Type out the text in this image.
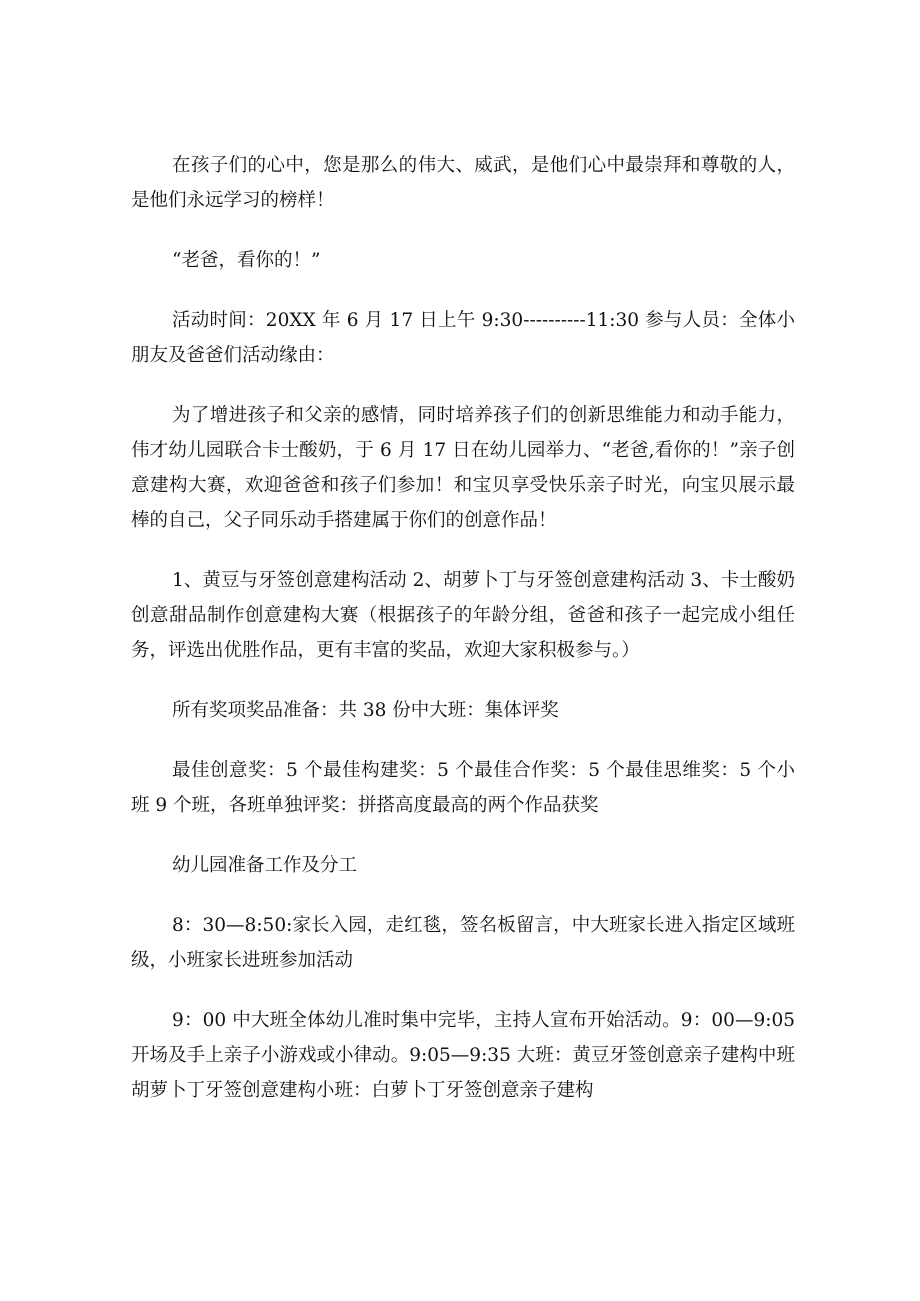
在孩子们的心中，您是那么的伟大、威武，是他们心中最崇拜和尊敬的人，是他们永远学习的榜样！

“老爸，看你的！”

活动时间：20XX 年 6 月 17 日上午 9:30----------11:30 参与人员：全体小朋友及爸爸们活动缘由：

为了增进孩子和父亲的感情，同时培养孩子们的创新思维能力和动手能力，伟才幼儿园联合卡士酸奶，于 6 月 17 日在幼儿园举力、“老爸,看你的！”亲子创意建构大赛，欢迎爸爸和孩子们参加！和宝贝享受快乐亲子时光，向宝贝展示最棒的自己，父子同乐动手搭建属于你们的创意作品！

1、黄豆与牙签创意建构活动 2、胡萝卜丁与牙签创意建构活动 3、卡士酸奶创意甜品制作创意建构大赛（根据孩子的年龄分组，爸爸和孩子一起完成小组任务，评选出优胜作品，更有丰富的奖品，欢迎大家积极参与。）

所有奖项奖品准备：共 38 份中大班：集体评奖

最佳创意奖：5 个最佳构建奖：5 个最佳合作奖：5 个最佳思维奖：5 个小班 9 个班，各班单独评奖：拼搭高度最高的两个作品获奖

幼儿园准备工作及分工

8：30—8:50:家长入园，走红毯，签名板留言，中大班家长进入指定区域班级，小班家长进班参加活动

9：00 中大班全体幼儿准时集中完毕，主持人宣布开始活动。9：00—9:05 开场及手上亲子小游戏或小律动。9:05—9:35 大班：黄豆牙签创意亲子建构中班胡萝卜丁牙签创意建构小班：白萝卜丁牙签创意亲子建构
